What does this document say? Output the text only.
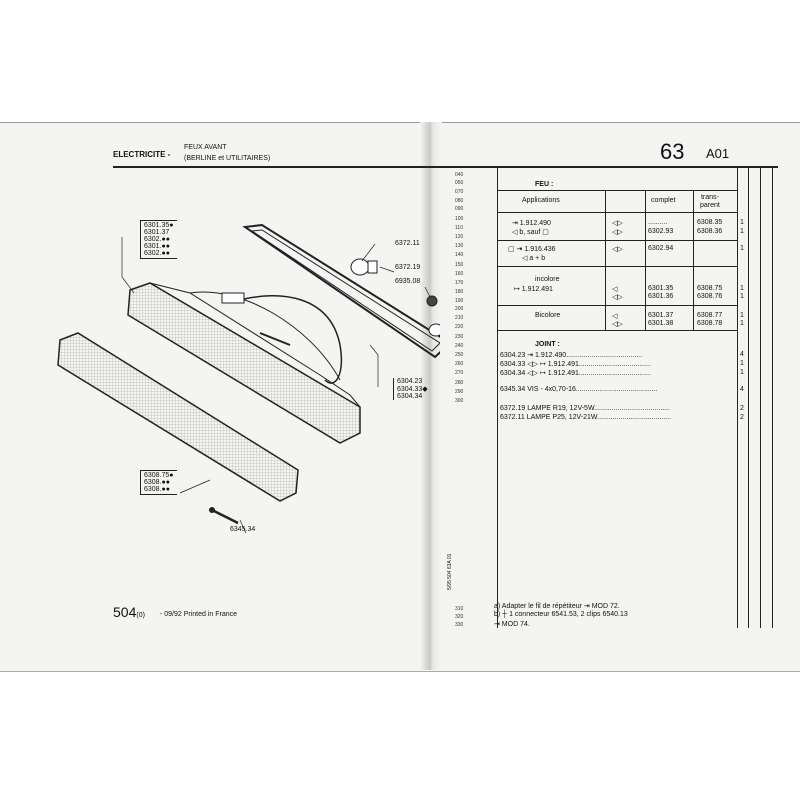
ELECTRICITE -
FEUX AVANT
(BERLINE et UTILITAIRES)	63 A01
6301.35●
6301.37
6302.●●
6301.●●
6302.●●
6372.11
6372.19
6935.08
6304.23
6304.33◆
6304.34
6308.75●
6308.●●
6308.●●
6345.34
504(0) - 09/92 Printed in France
5/95 504 63A 01
040
050
070
080
090
100
110
120
130
140
150
160
170
180
190
200
210
220
230
240
250
260
270
280
290
300
310
320
330
FEU :
Applications	complet	trans-
parent
⇥ 1.912.490
◁ b, sauf ▢
◁▷
◁▷
..........
6302.93
6308.35
6308.36
1
1
▢ ⇥ 1.916.436
◁ a + b
◁▷	6302.94	1
incolore
↦ 1.912.491	◁
◁▷
6301.35
6301.36
6308.75
6308.76
1
1
Bicolore	◁
◁▷
6301.37
6301.38
6308.77
6308.78
1
1
JOINT :
6304.23 ⇥ 1.912.490.......................................	4
6304.33 ◁▷ ↦ 1.912.491.....................................	1
6304.34 ◁▷ ↦ 1.912.491.....................................	1
6345.34 VIS - 4x0,70-16..........................................	4
6372.19 LAMPE R19, 12V-5W.......................................	2
6372.11 LAMPE P25, 12V-21W......................................	2
a) Adapter le fil de répétiteur ⇥ MOD 72.
b) ┼ 1 connecteur 6541.53, 2 clips 6540.13
⇥ MOD 74.
